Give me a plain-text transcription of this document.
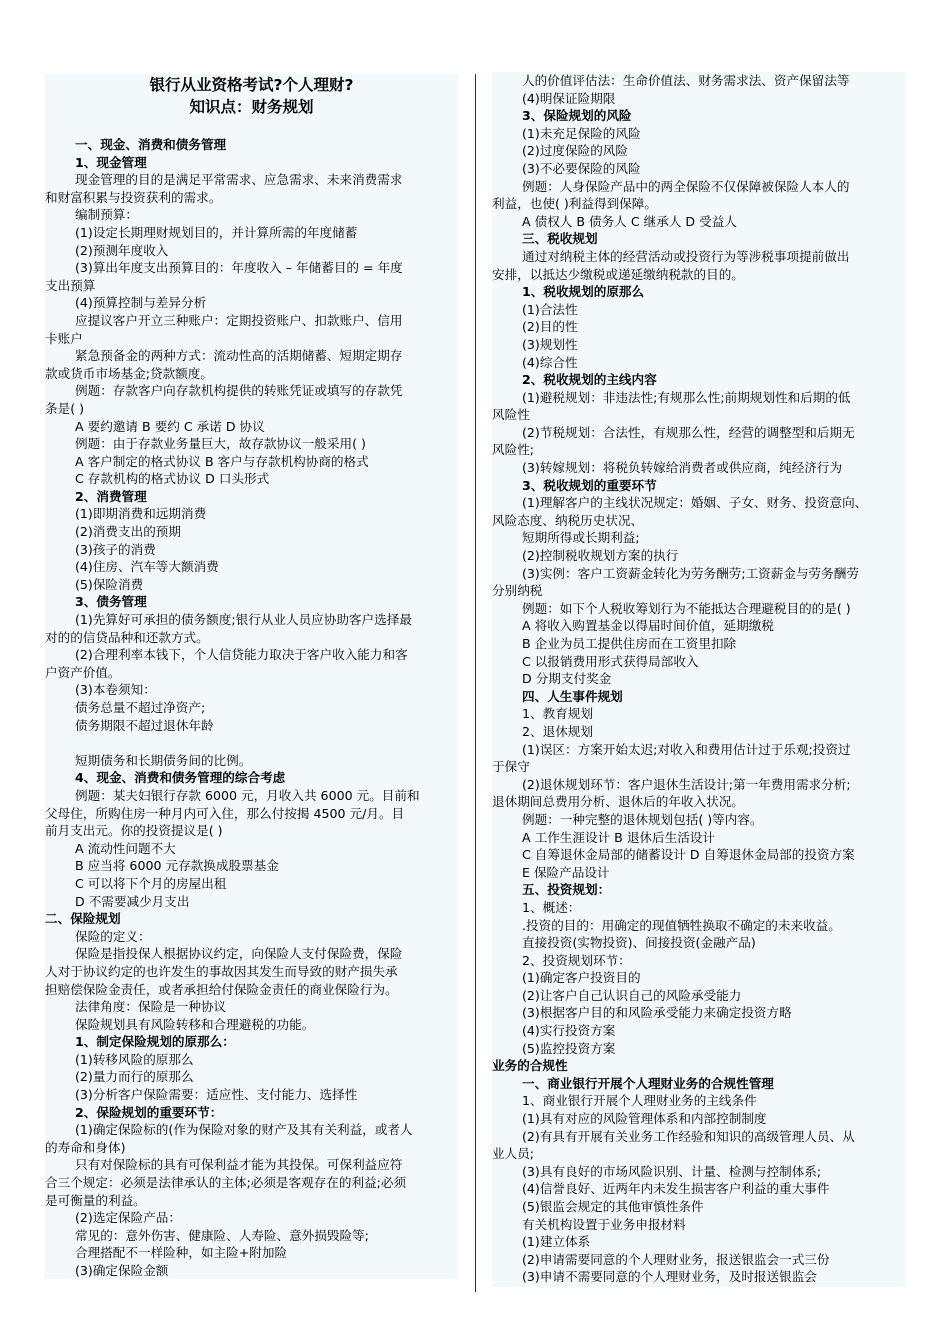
银行从业资格考试?个人理财?
知识点：财务规划
一、现金、消费和债务管理
1、现金管理
现金管理的目的是满足平常需求、应急需求、未来消费需求
和财富积累与投资获利的需求。
编制预算：
(1)设定长期理财规划目的，并计算所需的年度储蓄
(2)预测年度收入
(3)算出年度支出预算目的：年度收入 – 年储蓄目的 = 年度
支出预算
(4)预算控制与差异分析
应提议客户开立三种账户：定期投资账户、扣款账户、信用
卡账户
紧急预备金的两种方式：流动性高的活期储蓄、短期定期存
款或货币市场基金;贷款额度。
例题：存款客户向存款机构提供的转账凭证或填写的存款凭
条是( )
A 要约邀请 B 要约 C 承诺 D 协议
例题：由于存款业务量巨大，故存款协议一般采用( )
A 客户制定的格式协议 B 客户与存款机构协商的格式
C 存款机构的格式协议 D 口头形式
2、消费管理
(1)即期消费和远期消费
(2)消费支出的预期
(3)孩子的消费
(4)住房、汽车等大额消费
(5)保险消费
3、债务管理
(1)先算好可承担的债务额度;银行从业人员应协助客户选择最
对的的信贷品种和还款方式。
(2)合理利率本钱下，个人信贷能力取决于客户收入能力和客
户资产价值。
(3)本卷须知：
债务总量不超过净资产;
债务期限不超过退休年龄
短期债务和长期债务间的比例。
4、现金、消费和债务管理的综合考虑
例题：某夫妇银行存款 6000 元，月收入共 6000 元。目前和
父母住，所购住房一种月内可入住，那么付按揭 4500 元/月。目
前月支出元。你的投资提议是( )
A 流动性问题不大
B 应当将 6000 元存款换成股票基金
C 可以将下个月的房屋出租
D 不需要减少月支出
二、保险规划
保险的定义：
保险是指投保人根据协议约定，向保险人支付保险费，保险
人对于协议约定的也许发生的事故因其发生而导致的财产损失承
担赔偿保险金责任，或者承担给付保险金责任的商业保险行为。
法律角度：保险是一种协议
保险规划具有风险转移和合理避税的功能。
1、制定保险规划的原那么：
(1)转移风险的原那么
(2)量力而行的原那么
(3)分析客户保险需要：适应性、支付能力、选择性
2、保险规划的重要环节：
(1)确定保险标的(作为保险对象的财产及其有关利益，或者人
的寿命和身体)
只有对保险标的具有可保利益才能为其投保。可保利益应符
合三个规定：必须是法律承认的主体;必须是客观存在的利益;必须
是可衡量的利益。
(2)选定保险产品：
常见的：意外伤害、健康险、人寿险、意外损毁险等;
合理搭配不一样险种，如主险+附加险
(3)确定保险金额
人的价值评估法：生命价值法、财务需求法、资产保留法等
(4)明保证险期限
3、保险规划的风险
(1)未充足保险的风险
(2)过度保险的风险
(3)不必要保险的风险
例题：人身保险产品中的两全保险不仅保障被保险人本人的
利益，也使( )利益得到保障。
A 债权人 B 债务人 C 继承人 D 受益人
三、税收规划
通过对纳税主体的经营活动或投资行为等涉税事项提前做出
安排，以抵达少缴税或递延缴纳税款的目的。
1、税收规划的原那么
(1)合法性
(2)目的性
(3)规划性
(4)综合性
2、税收规划的主线内容
(1)避税规划：非违法性;有规那么性;前期规划性和后期的低
风险性
(2)节税规划：合法性，有规那么性，经营的调整型和后期无
风险性;
(3)转嫁规划：将税负转嫁给消费者或供应商，纯经济行为
3、税收规划的重要环节
(1)理解客户的主线状况规定：婚姻、子女、财务、投资意向、
风险态度、纳税历史状况、
短期所得或长期利益;
(2)控制税收规划方案的执行
(3)实例：客户工资薪金转化为劳务酬劳;工资薪金与劳务酬劳
分别纳税
例题：如下个人税收筹划行为不能抵达合理避税目的的是( )
A 将收入购置基金以得届时间价值，延期缴税
B 企业为员工提供住房而在工资里扣除
C 以报销费用形式获得局部收入
D 分期支付奖金
四、人生事件规划
1、教育规划
2、退休规划
(1)误区：方案开始太迟;对收入和费用估计过于乐观;投资过
于保守
(2)退休规划环节：客户退休生活设计;第一年费用需求分析;
退休期间总费用分析、退休后的年收入状况。
例题：一种完整的退休规划包括( )等内容。
A 工作生涯设计 B 退休后生活设计
C 自筹退休金局部的储蓄设计 D 自筹退休金局部的投资方案
E 保险产品设计
五、投资规划：
1、概述：
.投资的目的：用确定的现值牺牲换取不确定的未来收益。
直接投资(实物投资)、间接投资(金融产品)
2、投资规划环节：
(1)确定客户投资目的
(2)让客户自己认识自己的风险承受能力
(3)根据客户目的和风险承受能力来确定投资方略
(4)实行投资方案
(5)监控投资方案
业务的合规性
一、商业银行开展个人理财业务的合规性管理
1、商业银行开展个人理财业务的主线条件
(1)具有对应的风险管理体系和内部控制制度
(2)有具有开展有关业务工作经验和知识的高级管理人员、从
业人员;
(3)具有良好的市场风险识别、计量、检测与控制体系;
(4)信誉良好、近两年内未发生损害客户利益的重大事件
(5)银监会规定的其他审慎性条件
有关机构设置于业务申报材料
(1)建立体系
(2)申请需要同意的个人理财业务，报送银监会一式三份
(3)申请不需要同意的个人理财业务，及时报送银监会
